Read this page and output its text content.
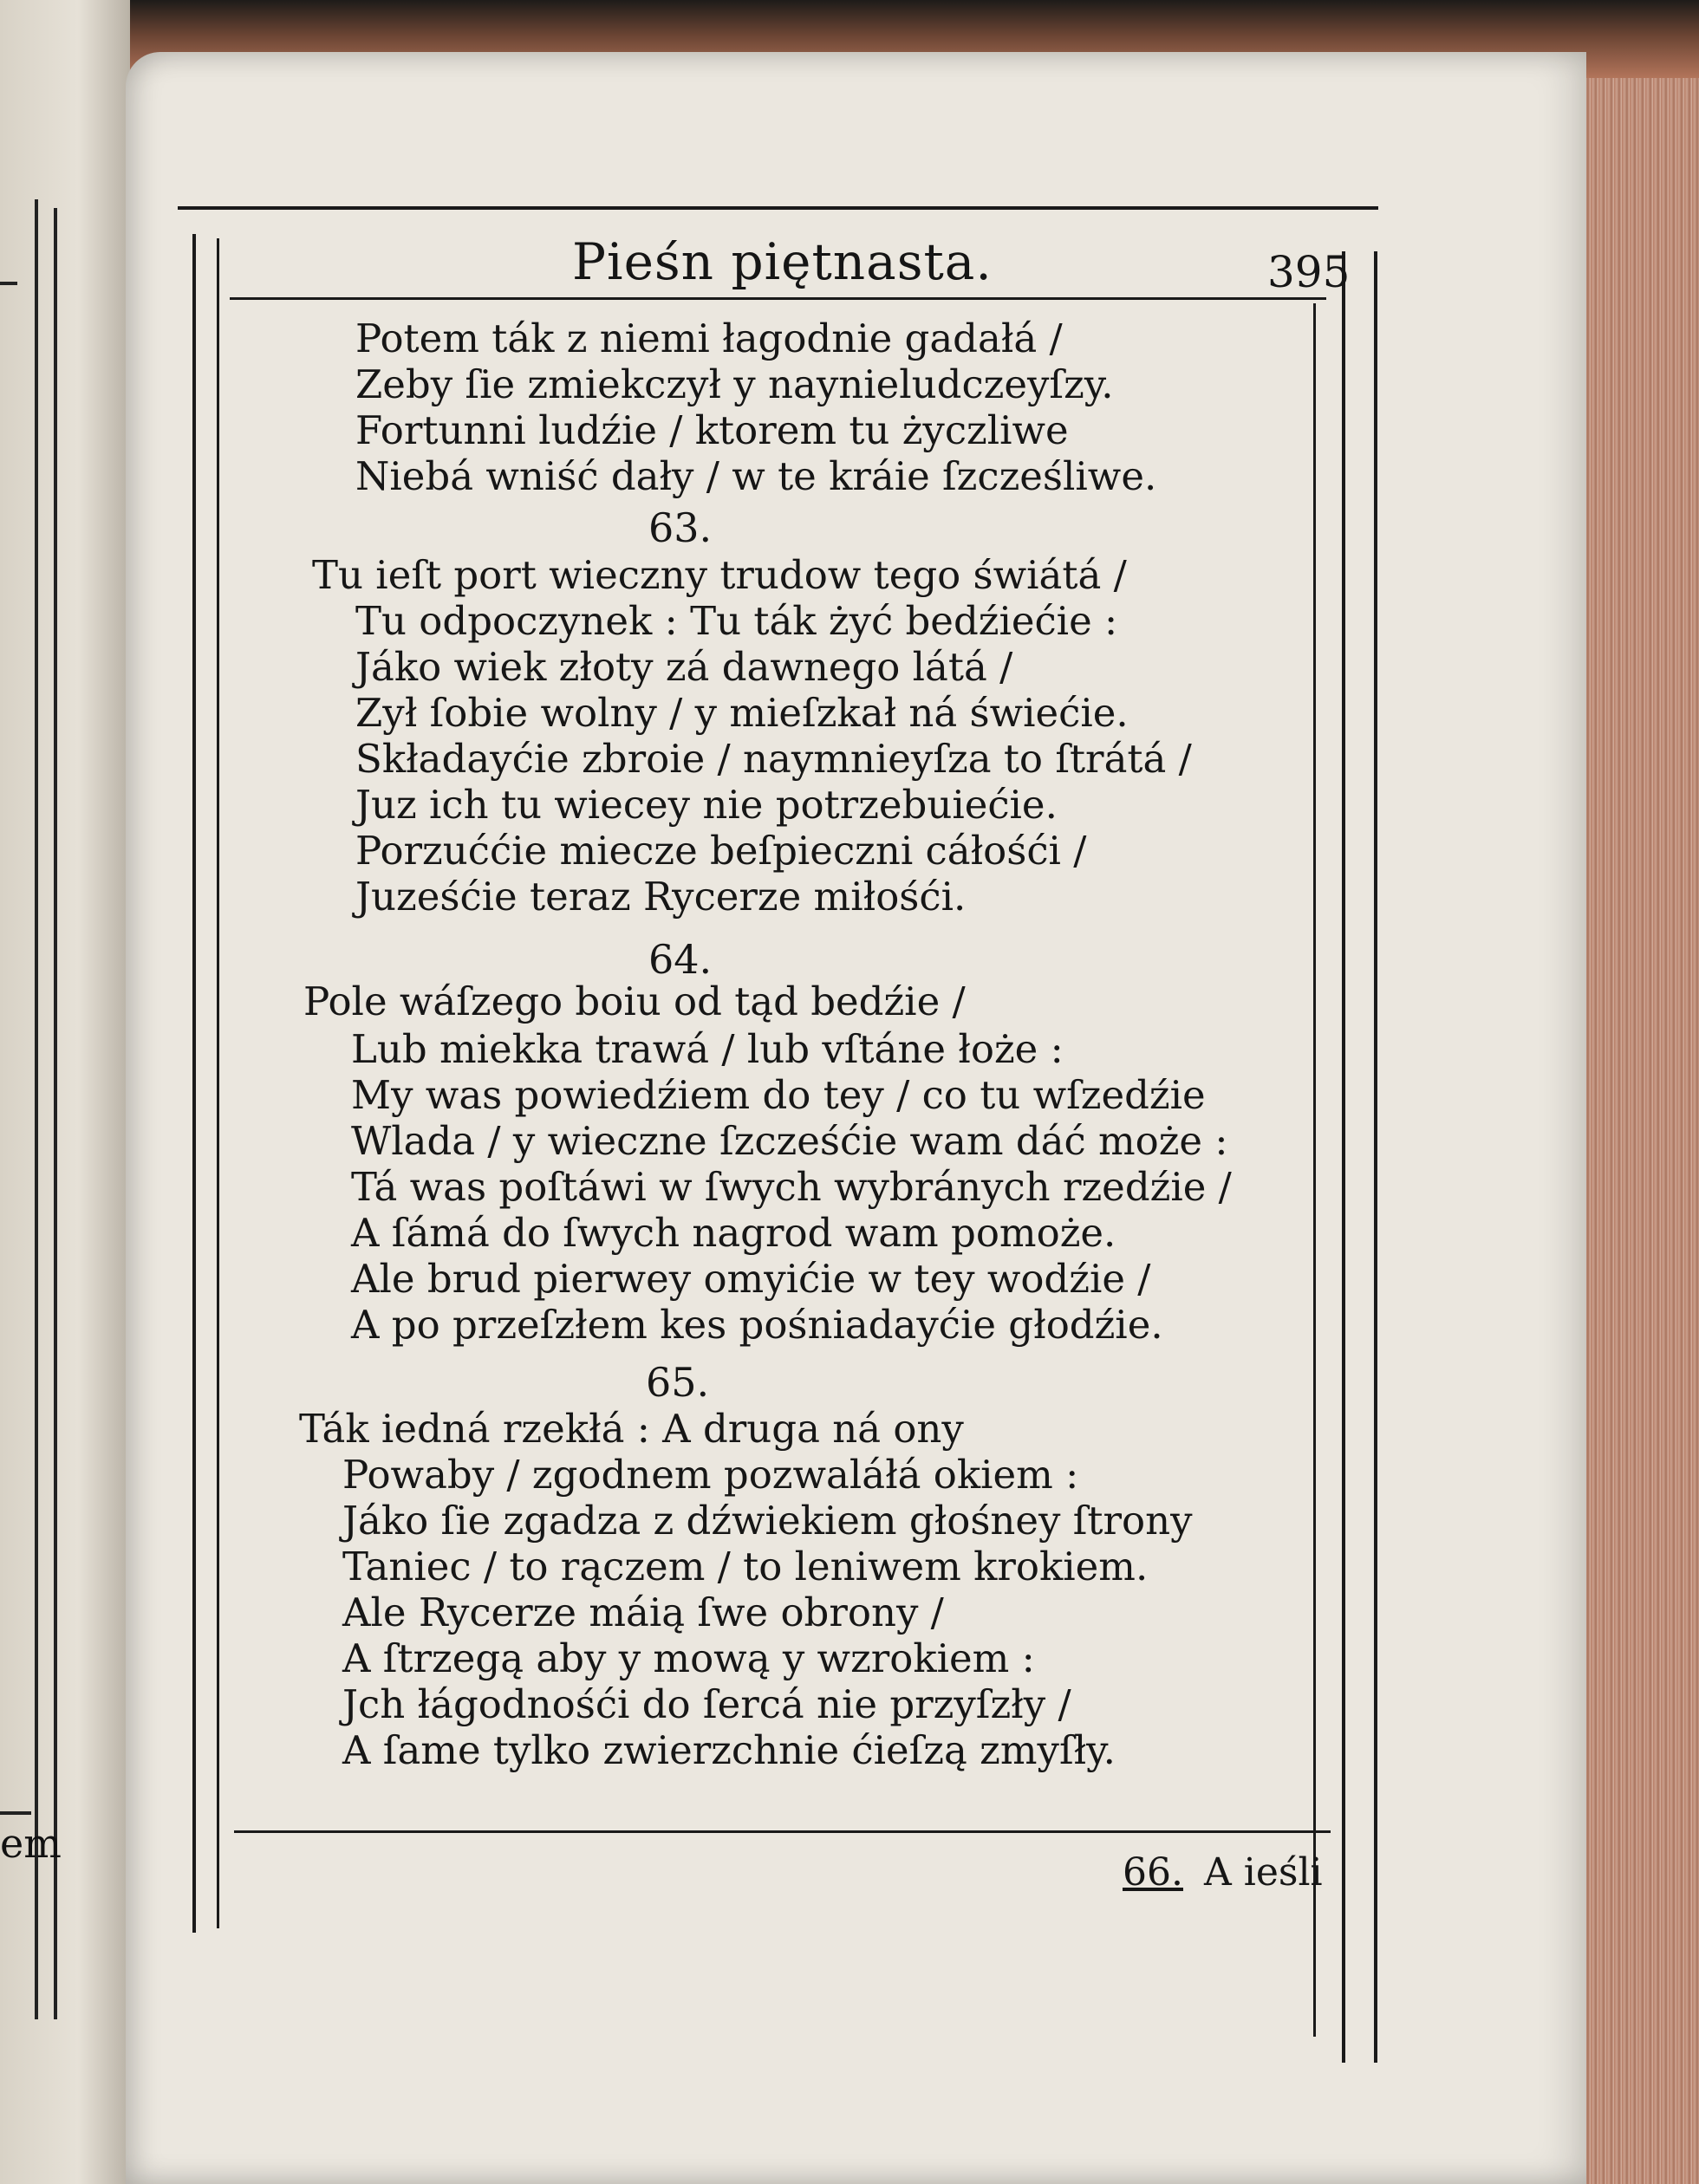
em
Pieśn piętnasta.	395
Potem ták z niemi łagodnie gadałá /
Zeby ſie zmiekczył y naynieludczeyſzy.
Fortunni ludźie / ktorem tu życzliwe
Niebá wniść dały / w te kráie ſzcześliwe.
63.
Tu ieſt port wieczny trudow tego świátá /
Tu odpoczynek : Tu ták żyć bedźiećie :
Jáko wiek złoty zá dawnego látá /
Zył ſobie wolny / y mieſzkał ná świećie.
Składayćie zbroie / naymnieyſza to ſtrátá /
Juz ich tu wiecey nie potrzebuiećie.
Porzuććie miecze beſpieczni cáłośći /
Juześćie teraz Rycerze miłośći.
64.
Pole wáſzego boiu od tąd bedźie /
Lub miekka trawá / lub vſtáne łoże :
My was powiedźiem do tey / co tu wſzedźie
Wlada / y wieczne ſzcześćie wam dáć może :
Tá was poſtáwi w ſwych wybránych rzedźie /
A ſámá do ſwych nagrod wam pomoże.
Ale brud pierwey omyićie w tey wodźie /
A po przeſzłem kes pośniadayćie głodźie.
65.
Ták iedná rzekłá : A druga ná ony
Powaby / zgodnem pozwaláłá okiem :
Jáko ſie zgadza z dźwiekiem głośney ſtrony
Taniec / to rączem / to leniwem krokiem.
Ale Rycerze máią ſwe obrony /
A ſtrzegą aby y mową y wzrokiem :
Jch łágodnośći do ſercá nie przyſzły /
A ſame tylko zwierzchnie ćieſzą zmyſły.
66. A ieśli
